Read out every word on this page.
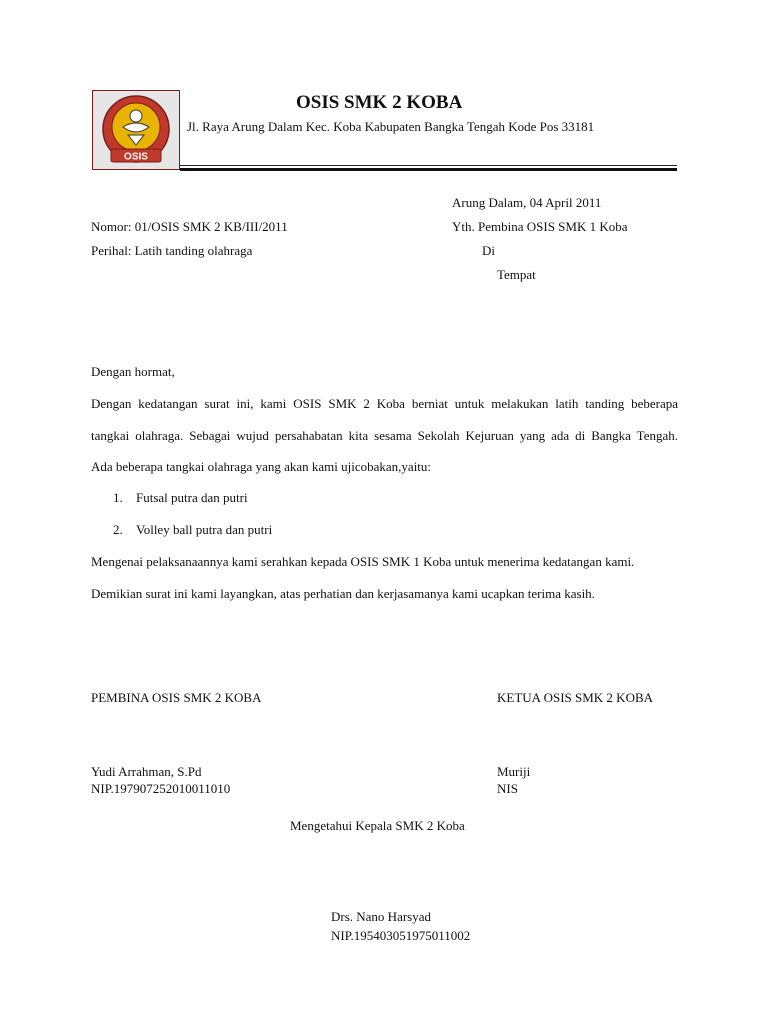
OSIS
OSIS SMK 2 KOBA
Jl. Raya Arung Dalam Kec. Koba Kabupaten Bangka Tengah Kode Pos 33181
Arung Dalam, 04 April 2011
Nomor: 01/OSIS SMK 2 KB/III/2011	Yth. Pembina OSIS SMK 1 Koba
Perihal: Latih tanding olahraga	Di
Tempat
Dengan hormat,
Dengan kedatangan surat ini, kami OSIS SMK 2 Koba berniat untuk melakukan latih tanding beberapa
tangkai olahraga. Sebagai wujud persahabatan kita sesama Sekolah Kejuruan yang ada di Bangka Tengah.
Ada beberapa tangkai olahraga yang akan kami ujicobakan,yaitu:
1. Futsal putra dan putri
2. Volley ball putra dan putri
Mengenai pelaksanaannya kami serahkan kepada OSIS SMK 1 Koba untuk menerima kedatangan kami.
Demikian surat ini kami layangkan, atas perhatian dan kerjasamanya kami ucapkan terima kasih.
PEMBINA OSIS SMK 2 KOBA	KETUA OSIS SMK 2 KOBA
Yudi Arrahman, S.Pd	Muriji
NIP.197907252010011010	NIS
Mengetahui Kepala SMK 2 Koba
Drs. Nano Harsyad
NIP.195403051975011002
